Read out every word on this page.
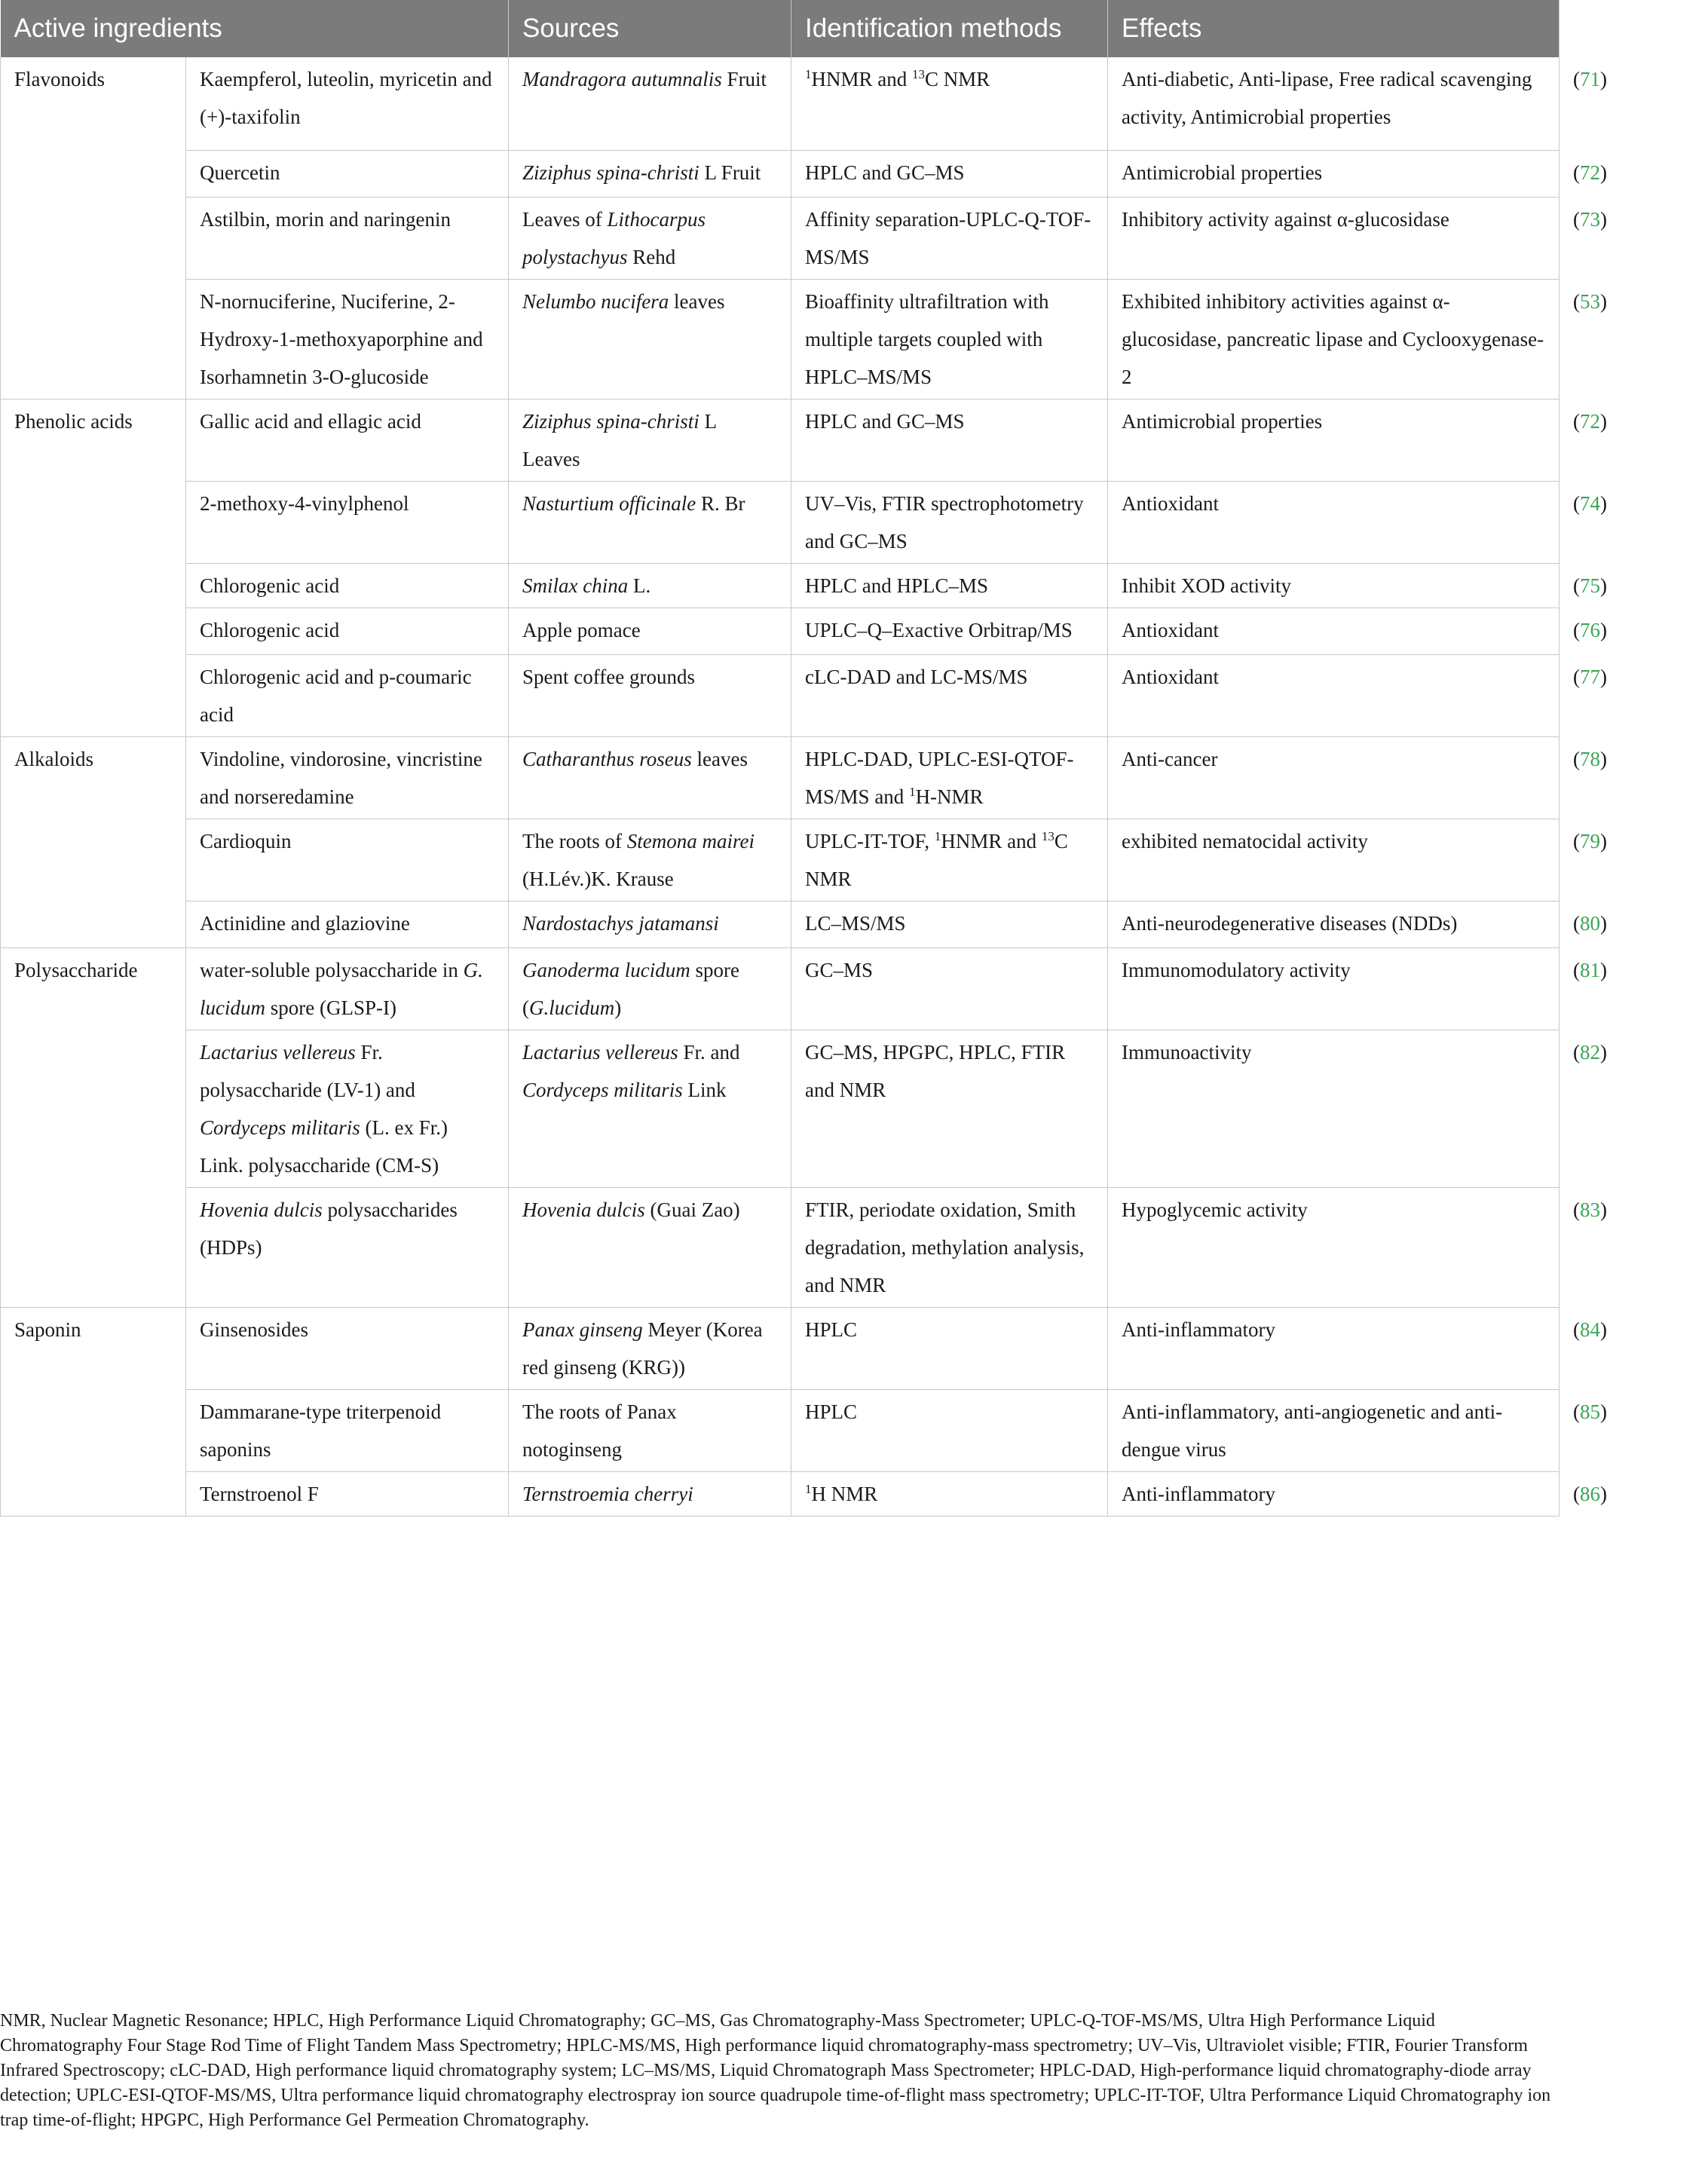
Active ingredients		Sources	Identification methods	Effects	References
Flavonoids	Kaempferol, luteolin, myricetin and (+)-taxifolin	Mandragora autumnalis Fruit	$^1$HNMR and $^{13}$C NMR	Anti-diabetic, Anti-lipase, Free radical scavenging activity, Antimicrobial properties	(71)
	Quercetin	Ziziphus spina-christi L Fruit	HPLC and GC–MS	Antimicrobial properties	(72)
	Astilbin, morin and naringenin	Leaves of Lithocarpus polystachyus Rehd	Affinity separation-UPLC-Q-TOF-MS/MS	Inhibitory activity against α-glucosidase	(73)
	N-nornuciferine, Nuciferine, 2-Hydroxy-1-methoxyaporphine and Isorhamnetin 3-O-glucoside	Nelumbo nucifera leaves	Bioaffinity ultrafiltration with multiple targets coupled with HPLC–MS/MS	Exhibited inhibitory activities against α-glucosidase, pancreatic lipase and Cyclooxygenase-2	(53)
Phenolic acids	Gallic acid and ellagic acid	Ziziphus spina-christi L Leaves	HPLC and GC–MS	Antimicrobial properties	(72)
	2-methoxy-4-vinylphenol	Nasturtium officinale R. Br	UV–Vis, FTIR spectrophotometry and GC–MS	Antioxidant	(74)
	Chlorogenic acid	Smilax china L.	HPLC and HPLC–MS	Inhibit XOD activity	(75)
	Chlorogenic acid	Apple pomace	UPLC–Q–Exactive Orbitrap/MS	Antioxidant	(76)
	Chlorogenic acid and p-coumaric acid	Spent coffee grounds	cLC-DAD and LC-MS/MS	Antioxidant	(77)
Alkaloids	Vindoline, vindorosine, vincristine and norseredamine	Catharanthus roseus leaves	HPLC-DAD, UPLC-ESI-QTOF-MS/MS and $^1$H-NMR	Anti-cancer	(78)
	Cardioquin	The roots of Stemona mairei (H.Lév.)K. Krause	UPLC-IT-TOF, $^1$HNMR and $^{13}$C NMR	exhibited nematocidal activity	(79)
	Actinidine and glaziovine	Nardostachys jatamansi	LC–MS/MS	Anti-neurodegenerative diseases (NDDs)	(80)
Polysaccharide	water-soluble polysaccharide in G. lucidum spore (GLSP-I)	Ganoderma lucidum spore (G.lucidum)	GC–MS	Immunomodulatory activity	(81)
	Lactarius vellereus Fr. polysaccharide (LV-1) and Cordyceps militaris (L. ex Fr.) Link. polysaccharide (CM-S)	Lactarius vellereus Fr. and Cordyceps militaris Link	GC–MS, HPGPC, HPLC, FTIR and NMR	Immunoactivity	(82)
	Hovenia dulcis polysaccharides (HDPs)	Hovenia dulcis (Guai Zao)	FTIR, periodate oxidation, Smith degradation, methylation analysis, and NMR	Hypoglycemic activity	(83)
Saponin	Ginsenosides	Panax ginseng Meyer (Korea red ginseng (KRG))	HPLC	Anti-inflammatory	(84)
	Dammarane-type triterpenoid saponins	The roots of Panax notoginseng	HPLC	Anti-inflammatory, anti-angiogenetic and anti-dengue virus	(85)
	Ternstroenol F	Ternstroemia cherryi	$^1$H NMR	Anti-inflammatory	(86)
NMR, Nuclear Magnetic Resonance; HPLC, High Performance Liquid Chromatography; GC–MS, Gas Chromatography-Mass Spectrometer; UPLC-Q-TOF-MS/MS, Ultra High Performance Liquid Chromatography Four Stage Rod Time of Flight Tandem Mass Spectrometry; HPLC-MS/MS, High performance liquid chromatography-mass spectrometry; UV–Vis, Ultraviolet visible; FTIR, Fourier Transform Infrared Spectroscopy; cLC-DAD, High performance liquid chromatography system; LC–MS/MS, Liquid Chromatograph Mass Spectrometer; HPLC-DAD, High-performance liquid chromatography-diode array detection; UPLC-ESI-QTOF-MS/MS, Ultra performance liquid chromatography electrospray ion source quadrupole time-of-flight mass spectrometry; UPLC-IT-TOF, Ultra Performance Liquid Chromatography ion trap time-of-flight; HPGPC, High Performance Gel Permeation Chromatography.
